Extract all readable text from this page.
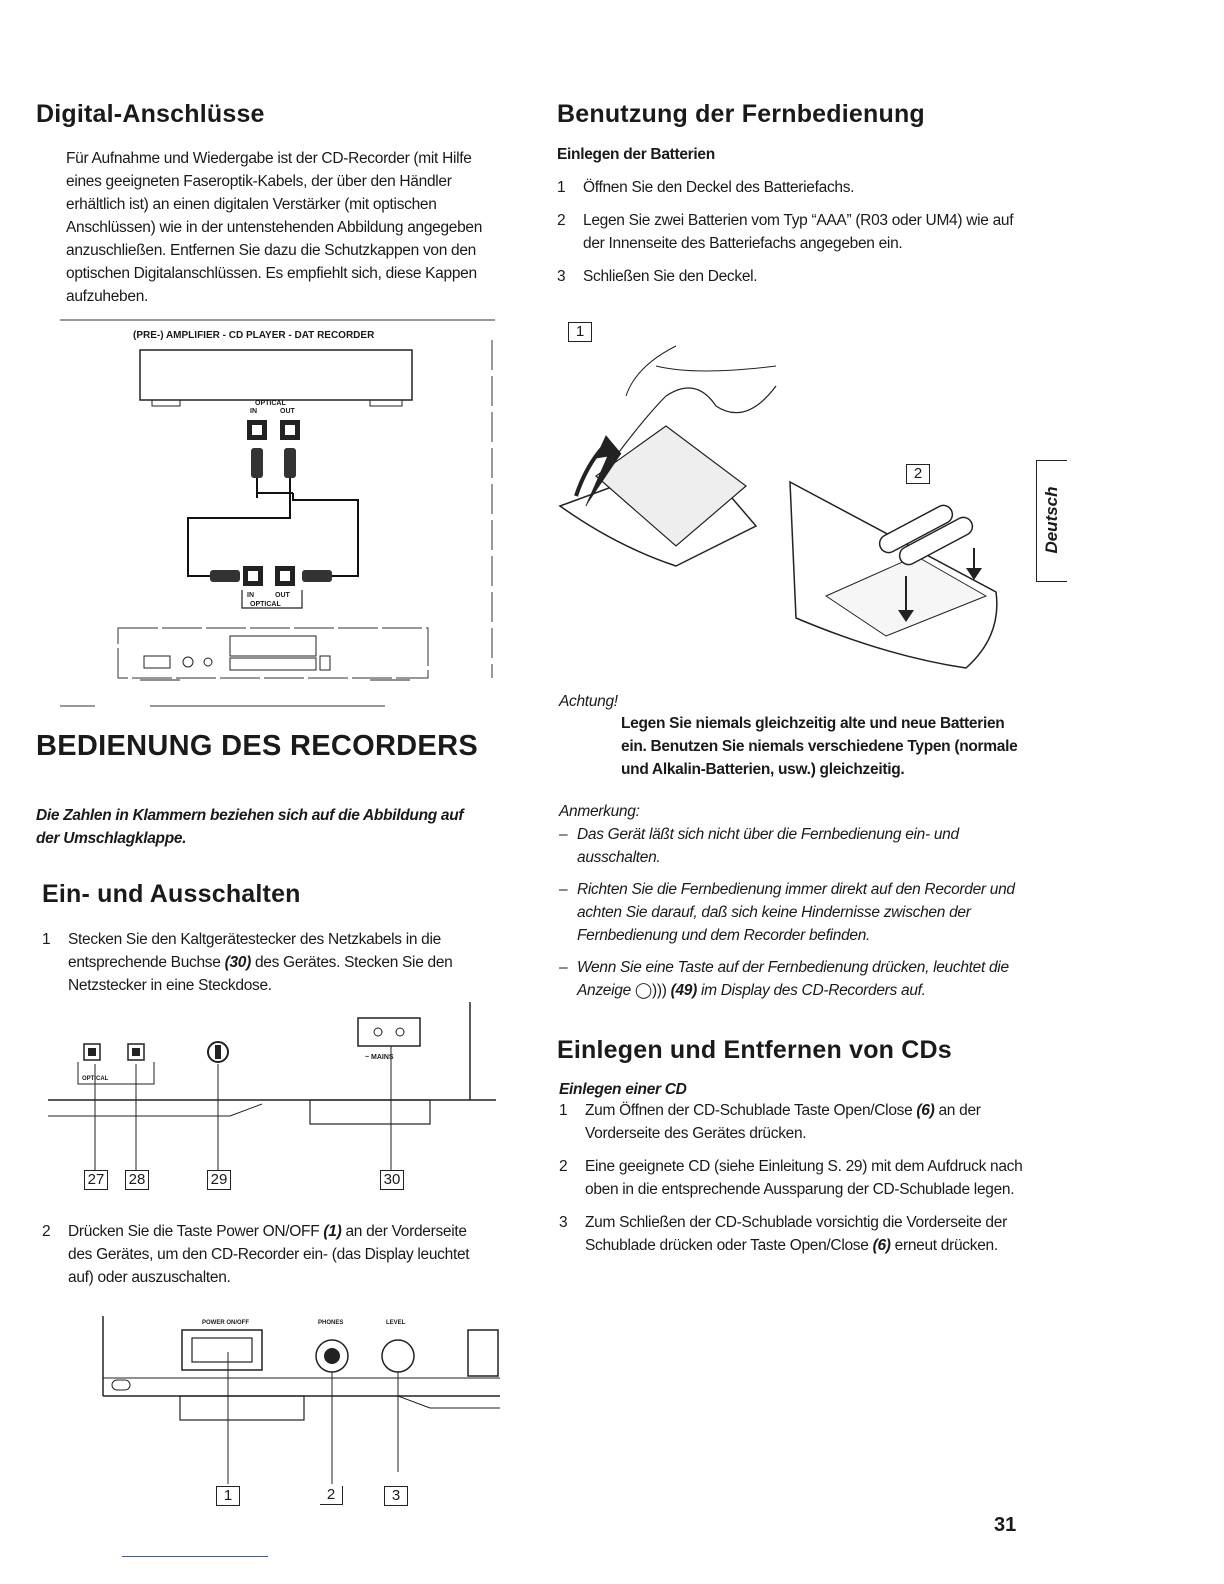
Digital-Anschlüsse
Für Aufnahme und Wiedergabe ist der CD-Recorder (mit Hilfe eines geeigneten Faseroptik-Kabels, der über den Händler erhältlich ist) an einen digitalen Verstärker (mit optischen Anschlüssen) wie in der untenstehenden Abbildung angegeben anzuschließen. Entfernen Sie dazu die Schutzkappen von den optischen Digitalanschlüssen. Es empfiehlt sich, diese Kappen aufzuheben.
(PRE-) AMPLIFIER - CD PLAYER - DAT RECORDER
OPTICAL
IN	OUT
IN	OUT
OPTICAL
BEDIENUNG DES RECORDERS
Die Zahlen in Klammern beziehen sich auf die Abbildung auf
der Umschlagklappe.
Ein- und Ausschalten
1	Stecken Sie den Kaltgerätestecker des Netzkabels in die entsprechende Buchse (30) des Gerätes. Stecken Sie den Netzstecker in eine Steckdose.
OPTICAL
~ MAINS
27 28	29	30
2	Drücken Sie die Taste Power ON/OFF (1) an der Vorderseite des Gerätes, um den CD-Recorder ein- (das Display leuchtet auf) oder auszuschalten.
POWER ON/OFF	PHONES	LEVEL
1	2	3
Benutzung der Fernbedienung
Einlegen der Batterien
1	Öffnen Sie den Deckel des Batteriefachs.
2	Legen Sie zwei Batterien vom Typ “AAA” (R03 oder UM4) wie auf der Innenseite des Batteriefachs angegeben ein.
3	Schließen Sie den Deckel.
1
2
Achtung!
Legen Sie niemals gleichzeitig alte und neue Batterien ein. Benutzen Sie niemals verschiedene Typen (normale und Alkalin-Batterien, usw.) gleichzeitig.
Anmerkung:
– Das Gerät läßt sich nicht über die Fernbedienung ein- und ausschalten.
– Richten Sie die Fernbedienung immer direkt auf den Recorder und achten Sie darauf, daß sich keine Hindernisse zwischen der Fernbedienung und dem Recorder befinden.
– Wenn Sie eine Taste auf der Fernbedienung drücken, leuchtet die Anzeige ◯))) (49) im Display des CD-Recorders auf.
Einlegen und Entfernen von CDs
Einlegen einer CD
1	Zum Öffnen der CD-Schublade Taste Open/Close (6) an der Vorderseite des Gerätes drücken.
2	Eine geeignete CD (siehe Einleitung S. 29) mit dem Aufdruck nach oben in die entsprechende Aussparung der CD-Schublade legen.
3	Zum Schließen der CD-Schublade vorsichtig die Vorderseite der Schublade drücken oder Taste Open/Close (6) erneut drücken.
Deutsch
31
